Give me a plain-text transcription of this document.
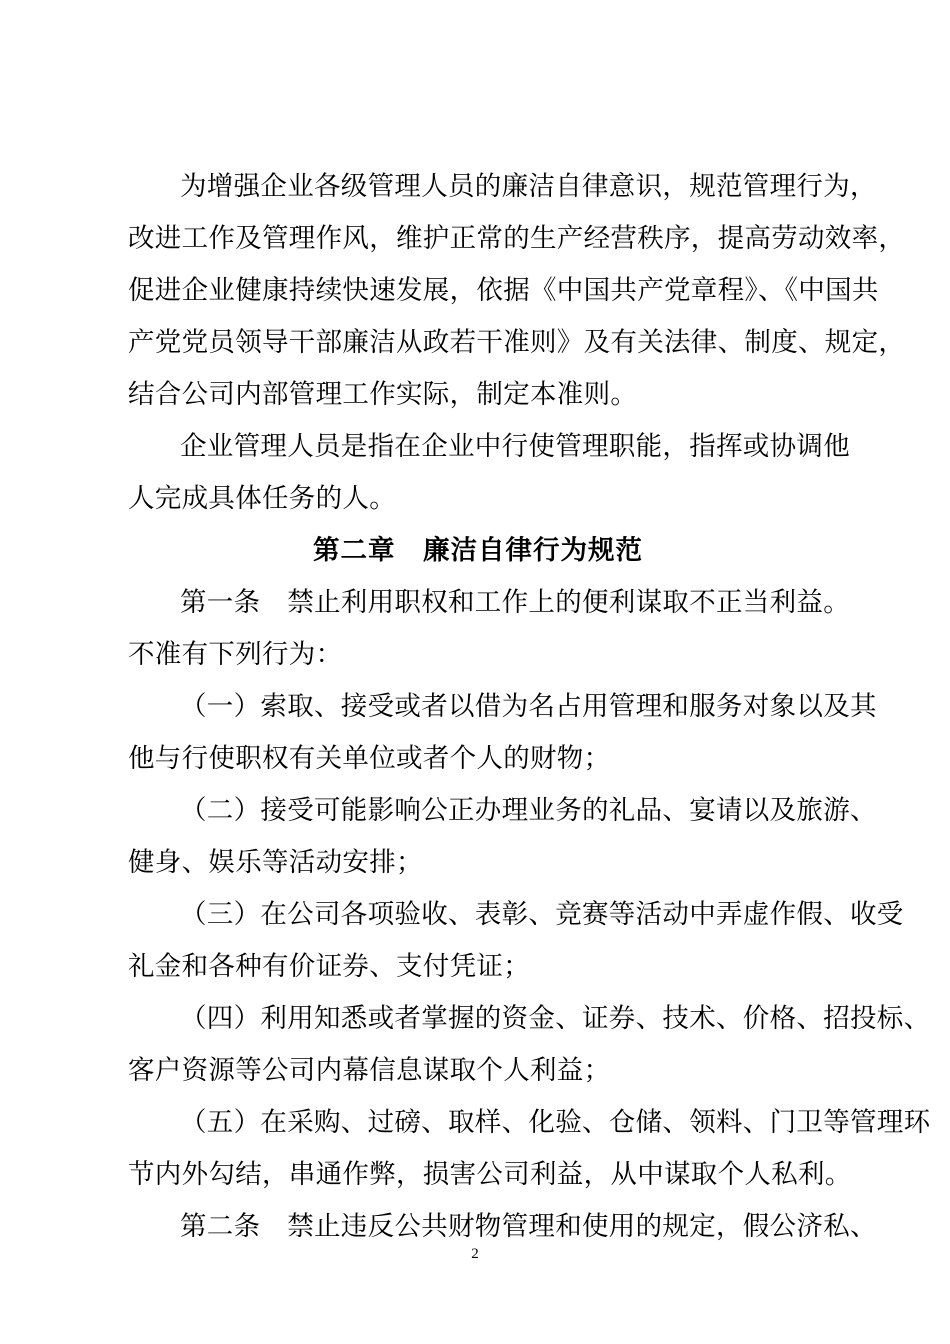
为增强企业各级管理人员的廉洁自律意识，规范管理行为，
改进工作及管理作风，维护正常的生产经营秩序，提高劳动效率，
促进企业健康持续快速发展，依据《中国共产党章程》、《中国共
产党党员领导干部廉洁从政若干准则》及有关法律、制度、规定，
结合公司内部管理工作实际，制定本准则。
企业管理人员是指在企业中行使管理职能，指挥或协调他
人完成具体任务的人。
第二章　廉洁自律行为规范
第一条　禁止利用职权和工作上的便利谋取不正当利益。
不准有下列行为：
（一）索取、接受或者以借为名占用管理和服务对象以及其
他与行使职权有关单位或者个人的财物；
（二）接受可能影响公正办理业务的礼品、宴请以及旅游、
健身、娱乐等活动安排；
（三）在公司各项验收、表彰、竞赛等活动中弄虚作假、收受
礼金和各种有价证券、支付凭证；
（四）利用知悉或者掌握的资金、证券、技术、价格、招投标、
客户资源等公司内幕信息谋取个人利益；
（五）在采购、过磅、取样、化验、仓储、领料、门卫等管理环
节内外勾结，串通作弊，损害公司利益，从中谋取个人私利。
第二条　禁止违反公共财物管理和使用的规定，假公济私、
2
